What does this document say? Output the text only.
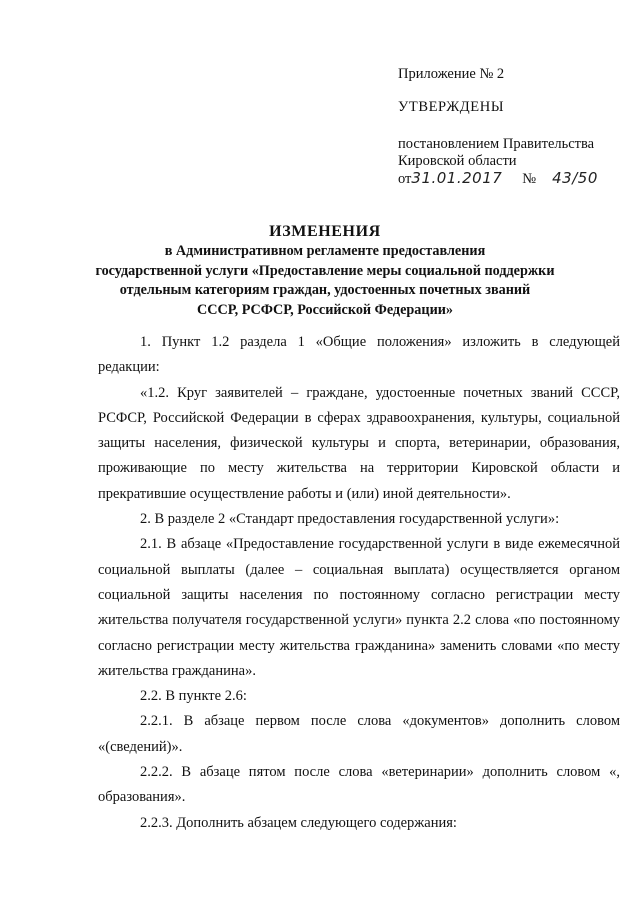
Приложение № 2
УТВЕРЖДЕНЫ
постановлением Правительства
Кировской области
от31.01.2017 № 43/50
ИЗМЕНЕНИЯ
в Административном регламенте предоставления
государственной услуги «Предоставление меры социальной поддержки
отдельным категориям граждан, удостоенных почетных званий
СССР, РСФСР, Российской Федерации»

1. Пункт 1.2 раздела 1 «Общие положения» изложить в следующей редакции:

«1.2. Круг заявителей – граждане, удостоенные почетных званий СССР, РСФСР, Российской Федерации в сферах здравоохранения, культуры, социальной защиты населения, физической культуры и спорта, ветеринарии, образования, проживающие по месту жительства на территории Кировской области и прекратившие осуществление работы и (или) иной деятельности».

2. В разделе 2 «Стандарт предоставления государственной услуги»:

2.1. В абзаце «Предоставление государственной услуги в виде ежемесячной социальной выплаты (далее – социальная выплата) осуществляется органом социальной защиты населения по постоянному согласно регистрации месту жительства получателя государственной услуги» пункта 2.2 слова «по постоянному согласно регистрации месту жительства гражданина» заменить словами «по месту жительства гражданина».

2.2. В пункте 2.6:

2.2.1. В абзаце первом после слова «документов» дополнить словом «(сведений)».

2.2.2. В абзаце пятом после слова «ветеринарии» дополнить словом «, образования».

2.2.3. Дополнить абзацем следующего содержания:
